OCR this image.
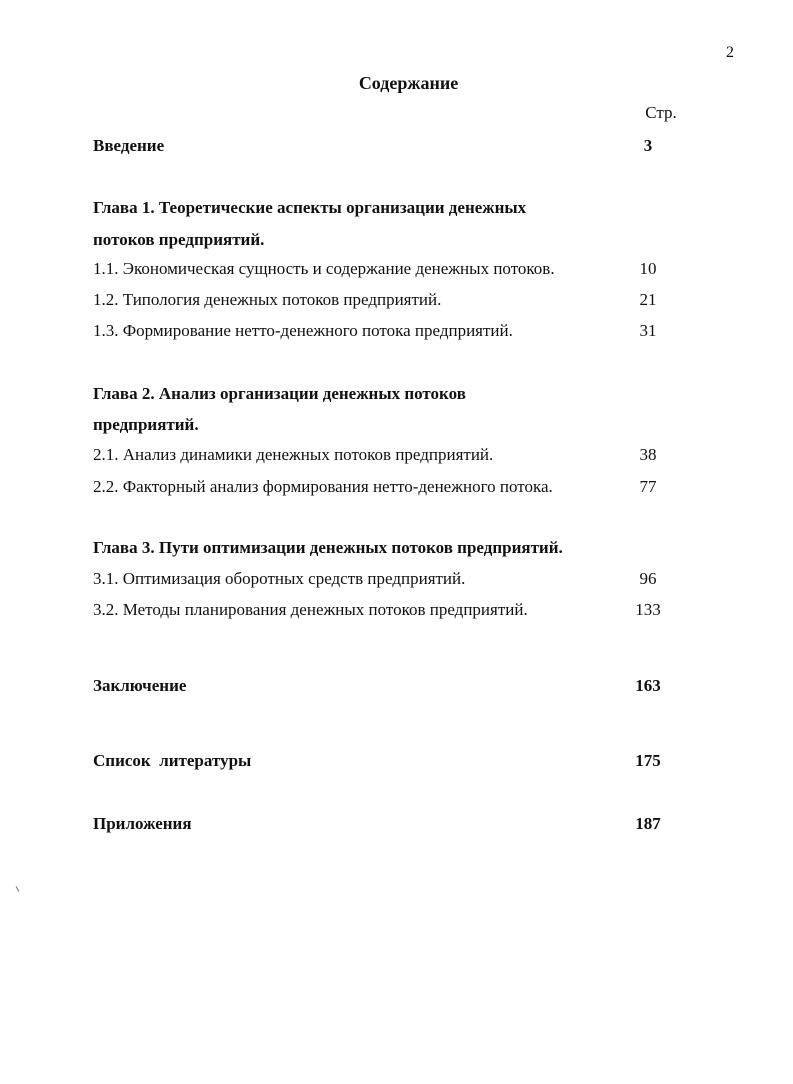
2
Содержание
Стр.
Введение	3
Глава 1. Теоретические аспекты организации денежных
потоков предприятий.
1.1. Экономическая сущность и содержание денежных потоков.	10
1.2. Типология денежных потоков предприятий.	21
1.3. Формирование нетто-денежного потока предприятий.	31
Глава 2. Анализ организации денежных потоков
предприятий.
2.1. Анализ динамики денежных потоков предприятий.	38
2.2. Факторный анализ формирования нетто-денежного потока.	77
Глава 3. Пути оптимизации денежных потоков предприятий.
3.1. Оптимизация оборотных средств предприятий.	96
3.2. Методы планирования денежных потоков предприятий.	133
Заключение	163
Список  литературы	175
Приложения	187
